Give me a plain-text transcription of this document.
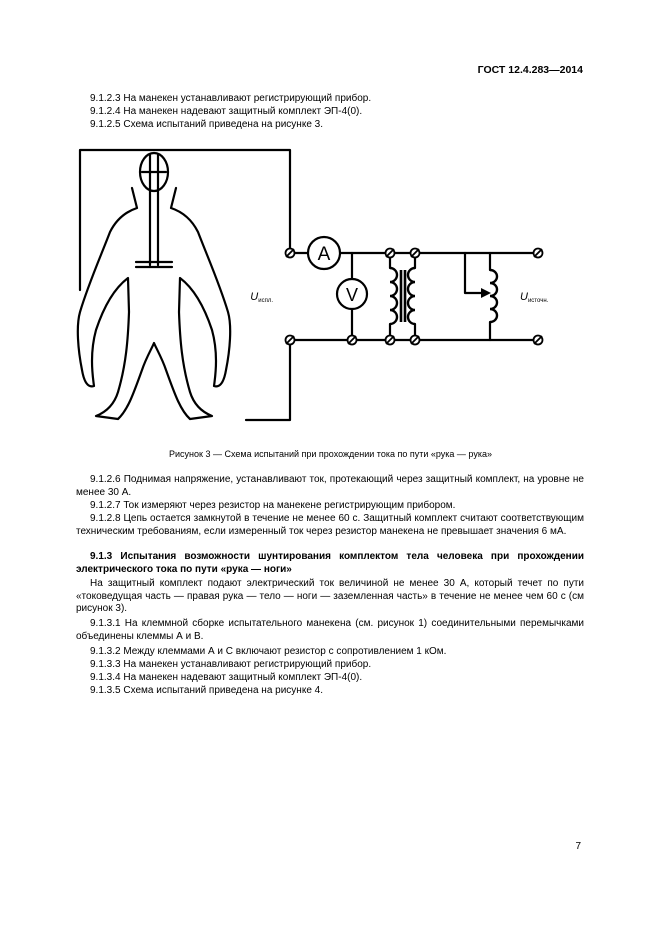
ГОСТ 12.4.283—2014
9.1.2.3 На манекен устанавливают регистрирующий прибор.
9.1.2.4 На манекен надевают защитный комплект ЭП-4(0).
9.1.2.5 Схема испытаний приведена на рисунке 3.
A
V
Uиспл.	Uисточн.
Рисунок 3 — Схема испытаний при прохождении тока по пути «рука — рука»
9.1.2.6 Поднимая напряжение, устанавливают ток, протекающий через защитный комплект, на уровне не менее 30 А.
9.1.2.7 Ток измеряют через резистор на манекене регистрирующим прибором.
9.1.2.8 Цепь остается замкнутой в течение не менее 60 с. Защитный комплект считают соответствующим техническим требованиям, если измеренный ток через резистор манекена не превышает значения 6 мА.
9.1.3 Испытания возможности шунтирования комплектом тела человека при прохождении электрического тока по пути «рука — ноги»
На защитный комплект подают электрический ток величиной не менее 30 А, который течет по пути «токоведущая часть — правая рука — тело — ноги — заземленная часть» в течение не менее чем 60 с (см рисунок 3).
9.1.3.1 На клеммной сборке испытательного манекена (см. рисунок 1) соединительными перемычками объединены клеммы А и В.
9.1.3.2 Между клеммами А и С включают резистор с сопротивлением 1 кОм.
9.1.3.3 На манекен устанавливают регистрирующий прибор.
9.1.3.4 На манекен надевают защитный комплект ЭП-4(0).
9.1.3.5 Схема испытаний приведена на рисунке 4.
7
